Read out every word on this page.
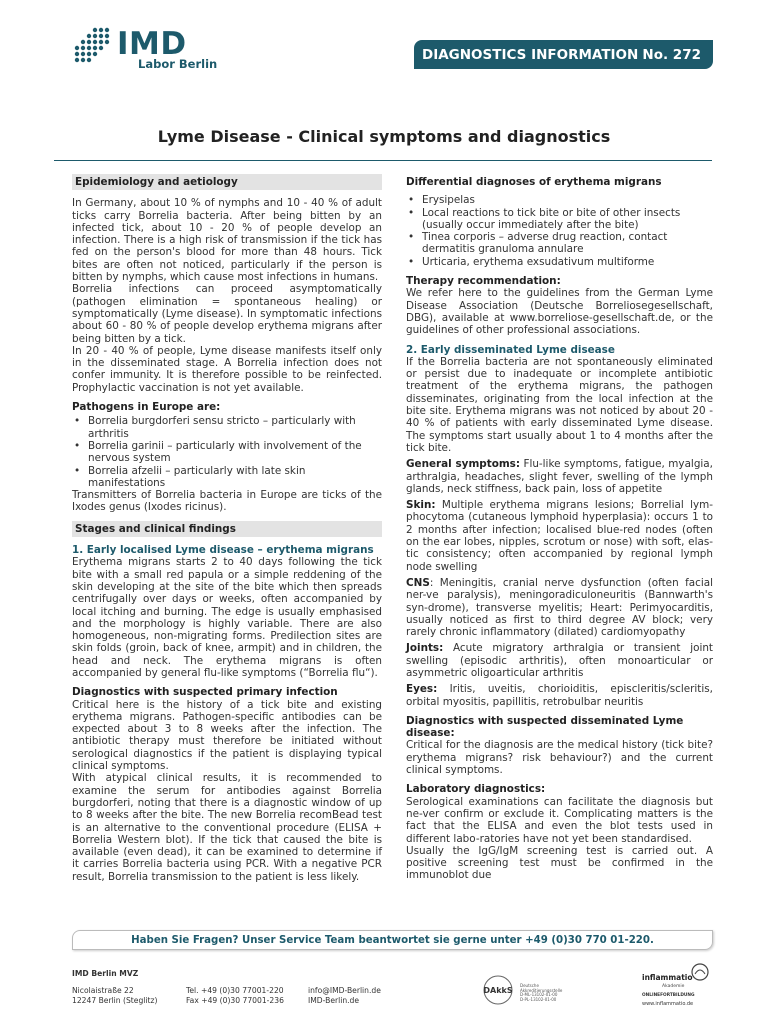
IMD
Labor Berlin
DIAGNOSTICS INFORMATION No. 272
Lyme Disease - Clinical symptoms and diagnostics
Epidemiology and aetiology

In Germany, about 10 % of nymphs and 10 - 40 % of adult ticks carry Borrelia bacteria. After being bitten by an infected tick, about 10 - 20 % of people develop an infection. There is a high risk of transmission if the tick has fed on the person's blood for more than 48 hours. Tick bites are often not noticed, particularly if the person is bitten by nymphs, which cause most infections in humans.

Borrelia infections can proceed asymptomatically (pathogen elimination = spontaneous healing) or symptomatically (Lyme disease). In symptomatic infections about 60 - 80 % of people develop erythema migrans after being bitten by a tick.

In 20 - 40 % of people, Lyme disease manifests itself only in the disseminated stage. A Borrelia infection does not confer immunity. It is therefore possible to be reinfected. Prophylactic vaccination is not yet available.

Pathogens in Europe are:
• Borrelia burgdorferi sensu stricto – particularly with arthritis
• Borrelia garinii – particularly with involvement of the nervous system
• Borrelia afzelii – particularly with late skin manifestations

Transmitters of Borrelia bacteria in Europe are ticks of the Ixodes genus (Ixodes ricinus).

Stages and clinical findings
1. Early localised Lyme disease – erythema migrans

Erythema migrans starts 2 to 40 days following the tick bite with a small red papula or a simple reddening of the skin developing at the site of the bite which then spreads centrifugally over days or weeks, often accompanied by local itching and burning. The edge is usually emphasised and the morphology is highly variable. There are also homogeneous, non-migrating forms. Predilection sites are skin folds (groin, back of knee, armpit) and in children, the head and neck. The erythema migrans is often accompanied by general flu-like symptoms (“Borrelia flu“).

Diagnostics with suspected primary infection

Critical here is the history of a tick bite and existing erythema migrans. Pathogen-specific antibodies can be expected about 3 to 8 weeks after the infection. The antibiotic therapy must therefore be initiated without serological diagnostics if the patient is displaying typical clinical symptoms.

With atypical clinical results, it is recommended to examine the serum for antibodies against Borrelia burgdorferi, noting that there is a diagnostic window of up to 8 weeks after the bite. The new Borrelia recomBead test is an alternative to the conventional procedure (ELISA + Borrelia Western blot). If the tick that caused the bite is available (even dead), it can be examined to determine if it carries Borrelia bacteria using PCR. With a negative PCR result, Borrelia transmission to the patient is less likely.

Differential diagnoses of erythema migrans
• Erysipelas
• Local reactions to tick bite or bite of other insects (usually occur immediately after the bite)
• Tinea corporis – adverse drug reaction, contact dermatitis granuloma annulare
• Urticaria, erythema exsudativum multiforme
Therapy recommendation:

We refer here to the guidelines from the German Lyme Disease Association (Deutsche Borreliosegesellschaft, DBG), available at www.borreliose-gesellschaft.de, or the guidelines of other professional associations.

2. Early disseminated Lyme disease

If the Borrelia bacteria are not spontaneously eliminated or persist due to inadequate or incomplete antibiotic treatment of the erythema migrans, the pathogen disseminates, originating from the local infection at the bite site. Erythema migrans was not noticed by about 20 - 40 % of patients with early disseminated Lyme disease. The symptoms start usually about 1 to 4 months after the tick bite.

General symptoms: Flu-like symptoms, fatigue, myalgia, arthralgia, headaches, slight fever, swelling of the lymph glands, neck stiffness, back pain, loss of appetite

Skin: Multiple erythema migrans lesions; Borrelial lym-phocytoma (cutaneous lymphoid hyperplasia): occurs 1 to 2 months after infection; localised blue-red nodes (often on the ear lobes, nipples, scrotum or nose) with soft, elas-tic consistency; often accompanied by regional lymph node swelling

CNS: Meningitis, cranial nerve dysfunction (often facial ner-ve paralysis), meningoradiculoneuritis (Bannwarth's syn-drome), transverse myelitis; Heart: Perimyocarditis, usually noticed as first to third degree AV block; very rarely chronic inflammatory (dilated) cardiomyopathy

Joints: Acute migratory arthralgia or transient joint swelling (episodic arthritis), often monoarticular or asymmetric oligoarticular arthritis

Eyes: Iritis, uveitis, chorioiditis, episcleritis/scleritis, orbital myositis, papillitis, retrobulbar neuritis

Diagnostics with suspected disseminated Lyme disease:

Critical for the diagnosis are the medical history (tick bite? erythema migrans? risk behaviour?) and the current clinical symptoms.

Laboratory diagnostics:

Serological examinations can facilitate the diagnosis but ne-ver confirm or exclude it. Complicating matters is the fact that the ELISA and even the blot tests used in different labo-ratories have not yet been standardised.

Usually the IgG/IgM screening test is carried out. A positive screening test must be confirmed in the immunoblot due

Haben Sie Fragen? Unser Service Team beantwortet sie gerne unter +49 (0)30 770 01-220.
IMD Berlin MVZ
Nicolaistraße 22
12247 Berlin (Steglitz)
Tel. +49 (0)30 77001-220
Fax +49 (0)30 77001-236
info@IMD-Berlin.de
IMD-Berlin.de
DAkkS
Deutsche
Akkreditierungsstelle
D-ML-13102-01-00
D-PL-13102-01-00
inflammatio
Akademie
ONLINEFORTBILDUNG
www.inflammatio.de
